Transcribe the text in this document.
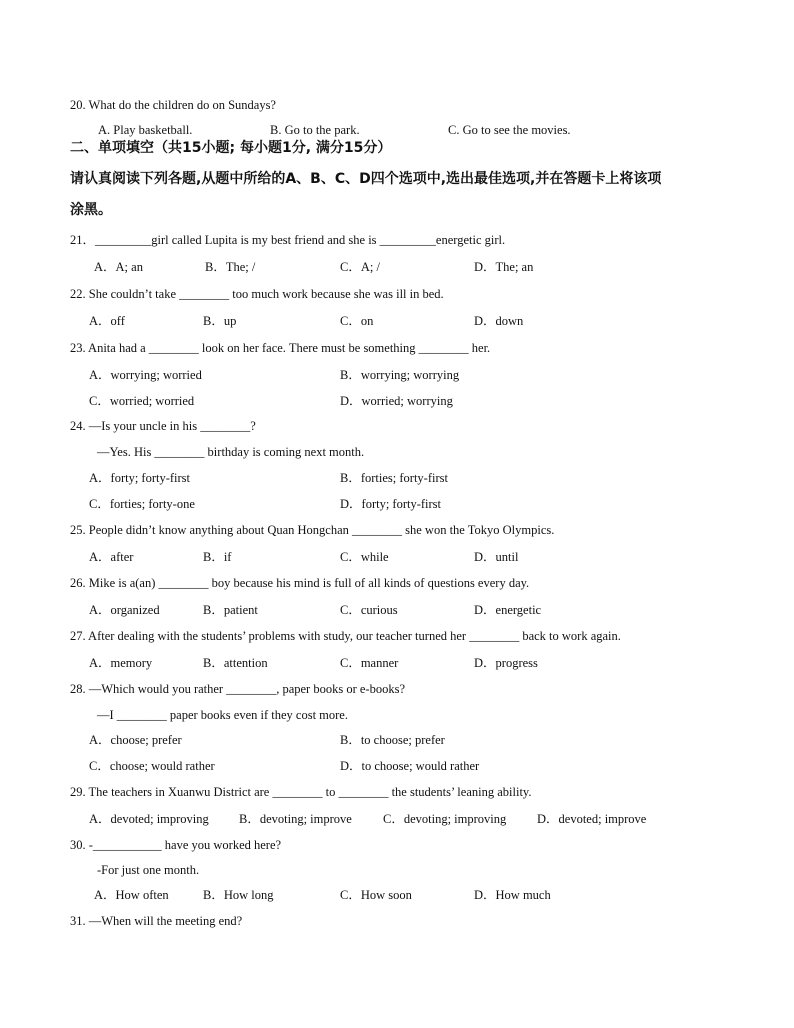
20. What do the children do on Sundays?
A. Play basketball.	B. Go to the park.	C. Go to see the movies.
二、单项填空（共15小题; 每小题1分, 满分15分）
请认真阅读下列各题,从题中所给的A、B、C、D四个选项中,选出最佳选项,并在答题卡上将该项
涂黑。
21．_________girl called Lupita is my best friend and she is _________energetic girl.
A．A; an	B．The; /	C．A; /	D．The; an
22. She couldn’t take ________ too much work because she was ill in bed.
A．off	B．up	C．on	D．down
23. Anita had a ________ look on her face. There must be something ________ her.
A．worrying; worried	B．worrying; worrying
C．worried; worried	D．worried; worrying
24. —Is your uncle in his ________?
—Yes. His ________ birthday is coming next month.
A．forty; forty-first	B．forties; forty-first
C．forties; forty-one	D．forty; forty-first
25. People didn’t know anything about Quan Hongchan ________ she won the Tokyo Olympics.
A．after	B．if	C．while	D．until
26. Mike is a(an) ________ boy because his mind is full of all kinds of questions every day.
A．organized	B．patient	C．curious	D．energetic
27. After dealing with the students’ problems with study, our teacher turned her ________ back to work again.
A．memory	B．attention	C．manner	D．progress
28. —Which would you rather ________, paper books or e-books?
—I ________ paper books even if they cost more.
A．choose; prefer	B．to choose; prefer
C．choose; would rather	D．to choose; would rather
29. The teachers in Xuanwu District are ________ to ________ the students’ leaning ability.
A．devoted; improving B．devoting; improve C．devoting; improving D．devoted; improve
30. -___________ have you worked here?
-For just one month.
A．How often	B．How long	C．How soon	D．How much
31. —When will the meeting end?
